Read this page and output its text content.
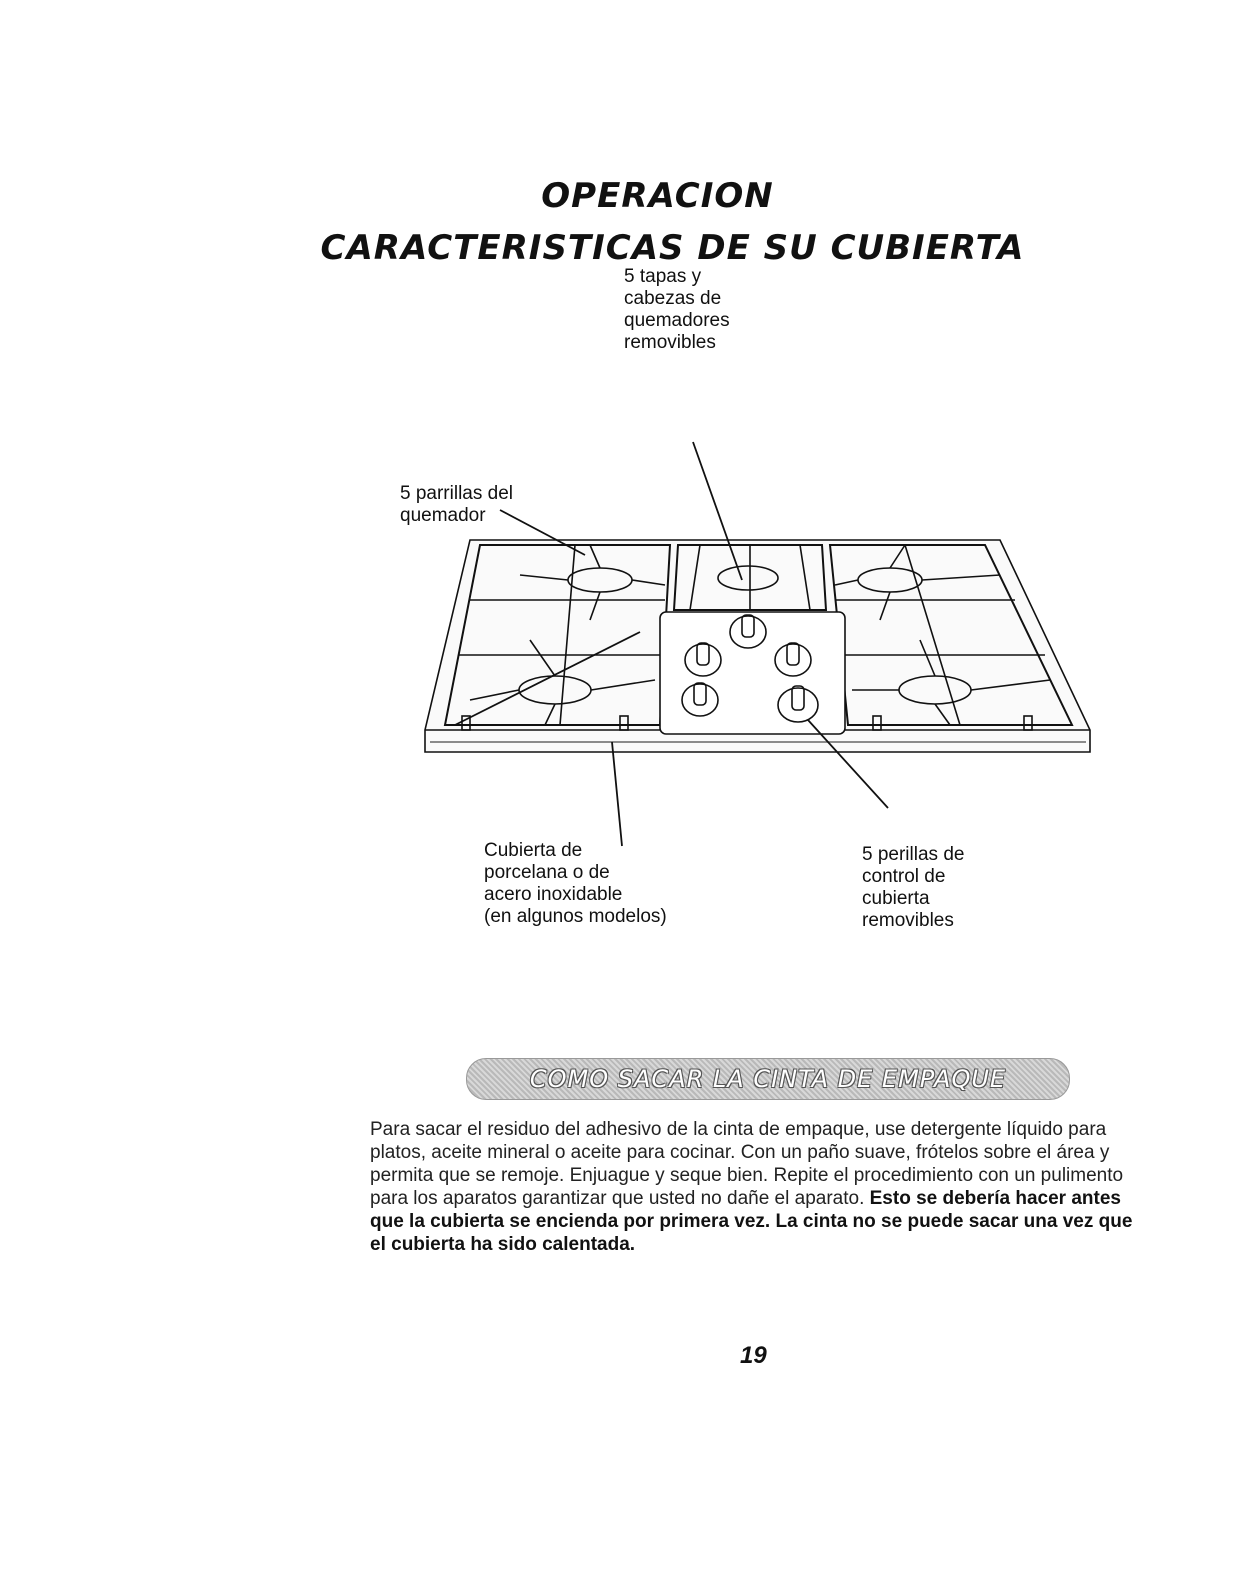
OPERACION
CARACTERISTICAS DE SU CUBIERTA

5 tapas y
cabezas de
quemadores
removibles

5 parrillas del
quemador

Cubierta de
porcelana o de
acero inoxidable
(en algunos modelos)

5 perillas de
control de
cubierta
removibles

COMO SACAR LA CINTA DE EMPAQUE

Para sacar el residuo del adhesivo de la cinta de empaque, use detergente líquido para platos, aceite mineral o aceite para cocinar. Con un paño suave, frótelos sobre el área y permita que se remoje. Enjuague y seque bien. Repite el procedimiento con un pulimento para los aparatos garantizar que usted no dañe el aparato. Esto se debería hacer antes que la cubierta se encienda por primera vez. La cinta no se puede sacar una vez que el cubierta ha sido calentada.

19
